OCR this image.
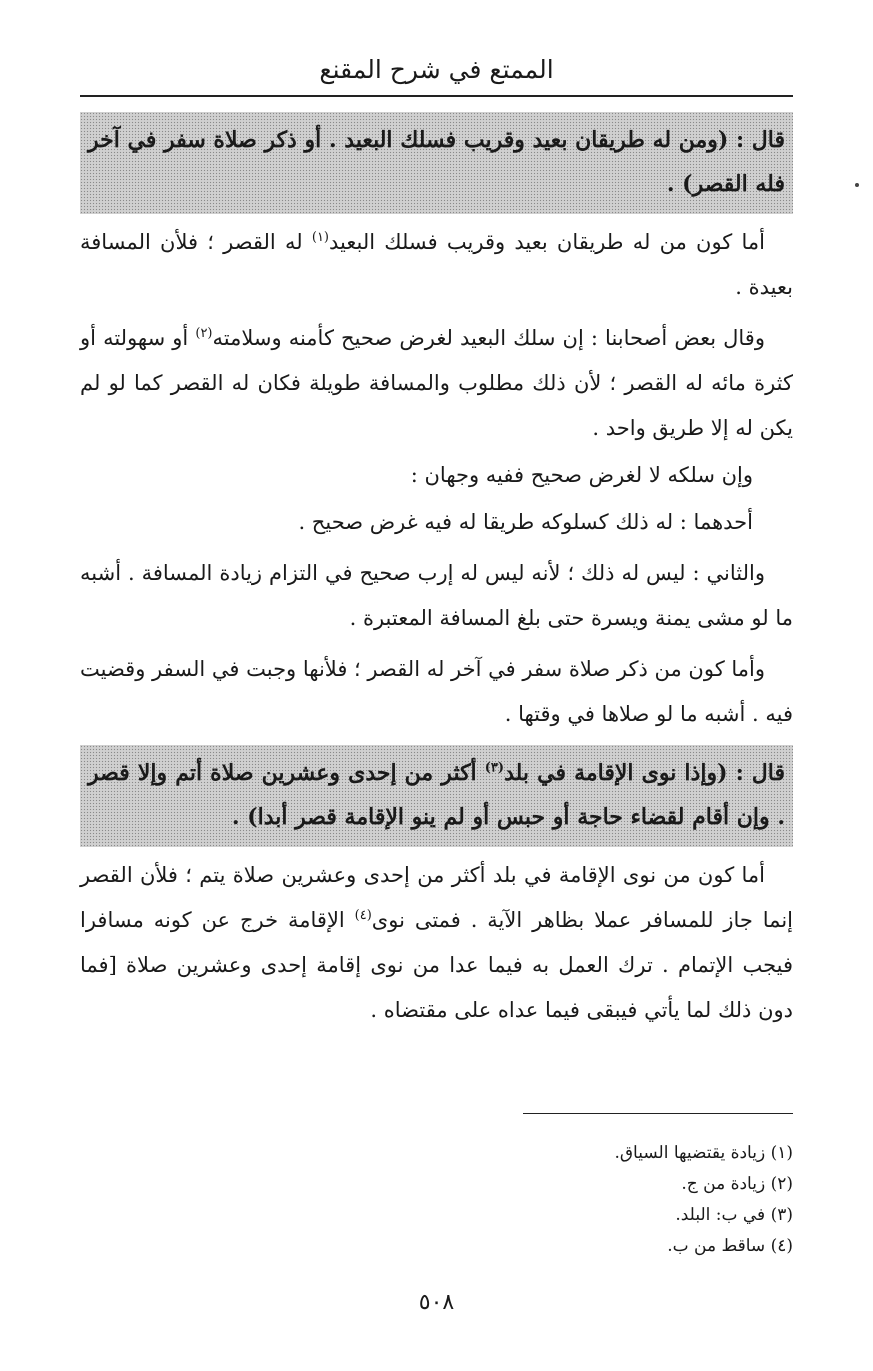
الممتع في شرح المقنع
قال : (ومن له طريقان بعيد وقريب فسلك البعيد . أو ذكر صلاة سفر في آخر فله القصر) .

أما كون من له طريقان بعيد وقريب فسلك البعيد$^{(١)}$ له القصر ؛ فلأن المسافة بعيدة .

وقال بعض أصحابنا : إن سلك البعيد لغرض صحيح كأمنه وسلامته$^{(٢)}$ أو سهولته أو كثرة مائه له القصر ؛ لأن ذلك مطلوب والمسافة طويلة فكان له القصر كما لو لم يكن له إلا طريق واحد .

وإن سلكه لا لغرض صحيح ففيه وجهان :
أحدهما : له ذلك كسلوكه طريقا له فيه غرض صحيح .

والثاني : ليس له ذلك ؛ لأنه ليس له إرب صحيح في التزام زيادة المسافة . أشبه ما لو مشى يمنة ويسرة حتى بلغ المسافة المعتبرة .

وأما كون من ذكر صلاة سفر في آخر له القصر ؛ فلأنها وجبت في السفر وقضيت فيه . أشبه ما لو صلاها في وقتها .

قال : (وإذا نوى الإقامة في بلد$^{(٣)}$ أكثر من إحدى وعشرين صلاة أتم وإلا قصر . وإن أقام لقضاء حاجة أو حبس أو لم ينو الإقامة قصر أبدا) .

أما كون من نوى الإقامة في بلد أكثر من إحدى وعشرين صلاة يتم ؛ فلأن القصر إنما جاز للمسافر عملا بظاهر الآية . فمتى نوى$^{(٤)}$ الإقامة خرج عن كونه مسافرا فيجب الإتمام . ترك العمل به فيما عدا من نوى إقامة إحدى وعشرين صلاة [فما دون ذلك لما يأتي فيبقى فيما عداه على مقتضاه .

(١) زيادة يقتضيها السياق.
(٢) زيادة من ج.
(٣) في ب: البلد.
(٤) ساقط من ب.
٥٠٨
